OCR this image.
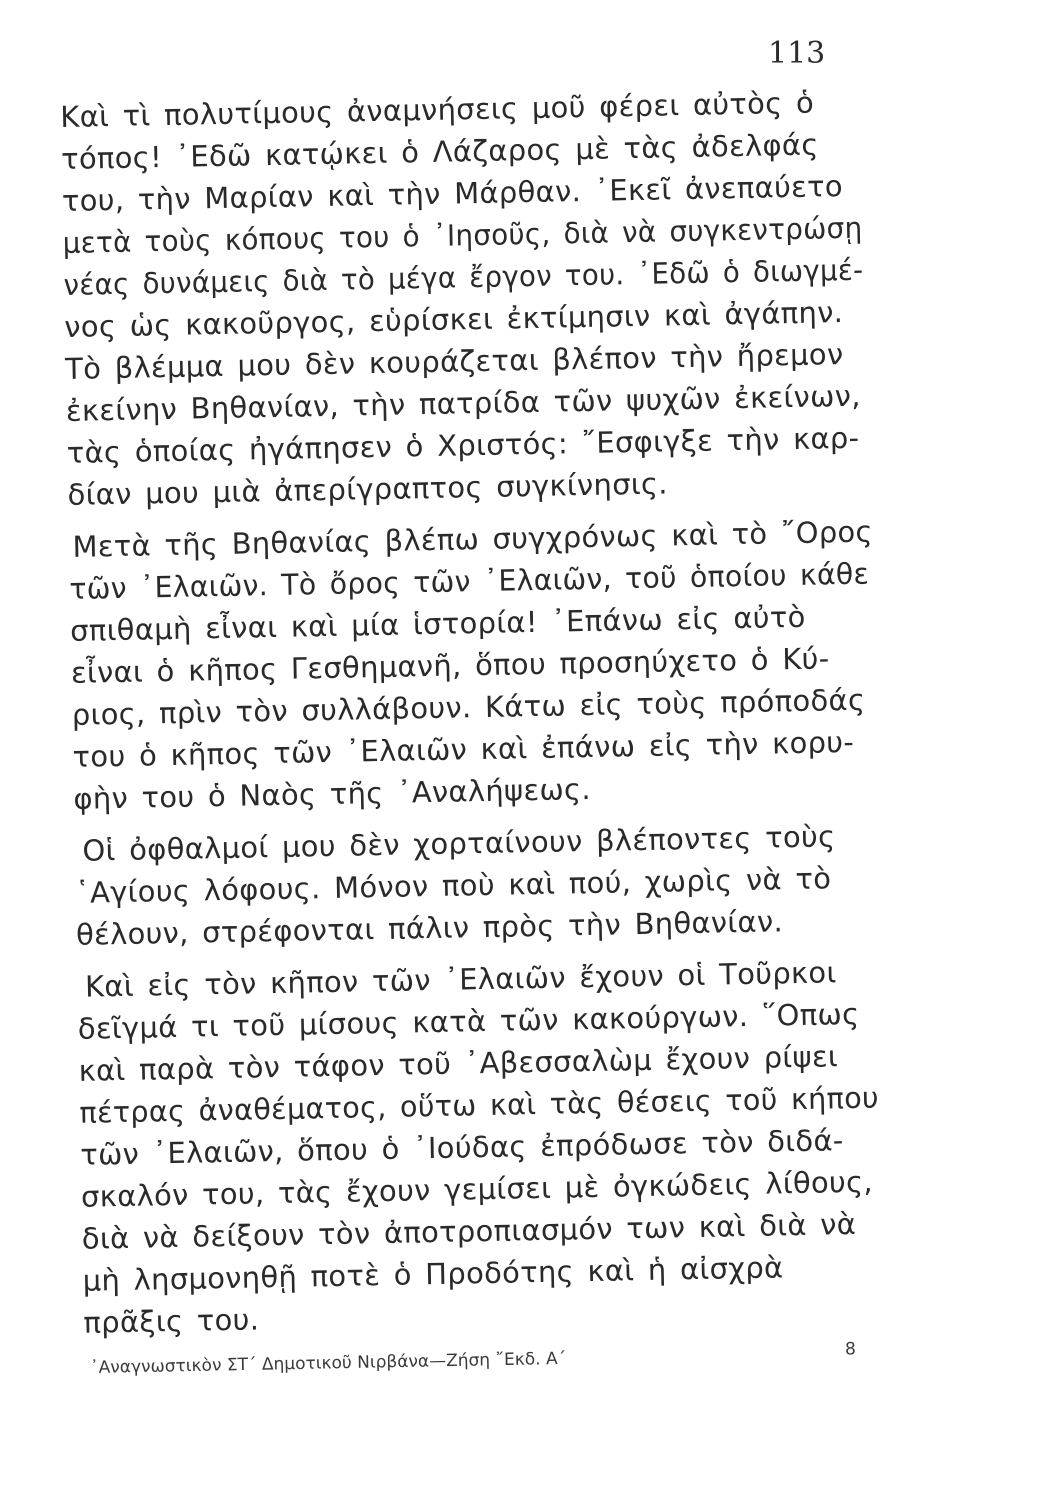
113
Καὶ τὶ πολυτίμους ἀναμνήσεις μοῦ φέρει αὐτὸς ὁ
τόπος! ᾿Εδῶ κατῴκει ὁ Λάζαρος μὲ τὰς ἀδελφάς
του, τὴν Μαρίαν καὶ τὴν Μάρθαν. ᾿Εκεῖ ἀνεπαύετο
μετὰ τοὺς κόπους του ὁ ᾿Ιησοῦς, διὰ νὰ συγκεντρώσῃ
νέας δυνάμεις διὰ τὸ μέγα ἔργον του. ᾿Εδῶ ὁ διωγμέ-
νος ὡς κακοῦργος, εὑρίσκει ἐκτίμησιν καὶ ἀγάπην.
Τὸ βλέμμα μου δὲν κουράζεται βλέπον τὴν ἤρεμον
ἐκείνην Βηθανίαν, τὴν πατρίδα τῶν ψυχῶν ἐκείνων,
τὰς ὁποίας ἠγάπησεν ὁ Χριστός: ῎Εσφιγξε τὴν καρ-
δίαν μου μιὰ ἀπερίγραπτος συγκίνησις.
Μετὰ τῆς Βηθανίας βλέπω συγχρόνως καὶ τὸ ῎Ορος
τῶν ᾿Ελαιῶν. Τὸ ὄρος τῶν ᾿Ελαιῶν, τοῦ ὁποίου κάθε
σπιθαμὴ εἶναι καὶ μία ἱστορία! ᾿Επάνω εἰς αὐτὸ
εἶναι ὁ κῆπος Γεσθημανῆ, ὅπου προσηύχετο ὁ Κύ-
ριος, πρὶν τὸν συλλάβουν. Κάτω εἰς τοὺς πρόποδάς
του ὁ κῆπος τῶν ᾿Ελαιῶν καὶ ἐπάνω εἰς τὴν κορυ-
φὴν του ὁ Ναὸς τῆς ᾿Αναλήψεως.
Οἱ ὀφθαλμοί μου δὲν χορταίνουν βλέποντες τοὺς
῾Αγίους λόφους. Μόνον ποὺ καὶ πού, χωρὶς νὰ τὸ
θέλουν, στρέφονται πάλιν πρὸς τὴν Βηθανίαν.
Καὶ εἰς τὸν κῆπον τῶν ᾿Ελαιῶν ἔχουν οἱ Τοῦρκοι
δεῖγμά τι τοῦ μίσους κατὰ τῶν κακούργων. ῞Οπως
καὶ παρὰ τὸν τάφον τοῦ ᾿Αβεσσαλὼμ ἔχουν ρίψει
πέτρας ἀναθέματος, οὕτω καὶ τὰς θέσεις τοῦ κήπου
τῶν ᾿Ελαιῶν, ὅπου ὁ ᾿Ιούδας ἐπρόδωσε τὸν διδά-
σκαλόν του, τὰς ἔχουν γεμίσει μὲ ὀγκώδεις λίθους,
διὰ νὰ δείξουν τὸν ἀποτροπιασμόν των καὶ διὰ νὰ
μὴ λησμονηθῇ ποτὲ ὁ Προδότης καὶ ἡ αἰσχρὰ
πρᾶξις του.
᾿Αναγνωστικὸν ΣΤ´ Δημοτικοῦ Νιρβάνα—Ζήση ῎Εκδ. Α´	8
